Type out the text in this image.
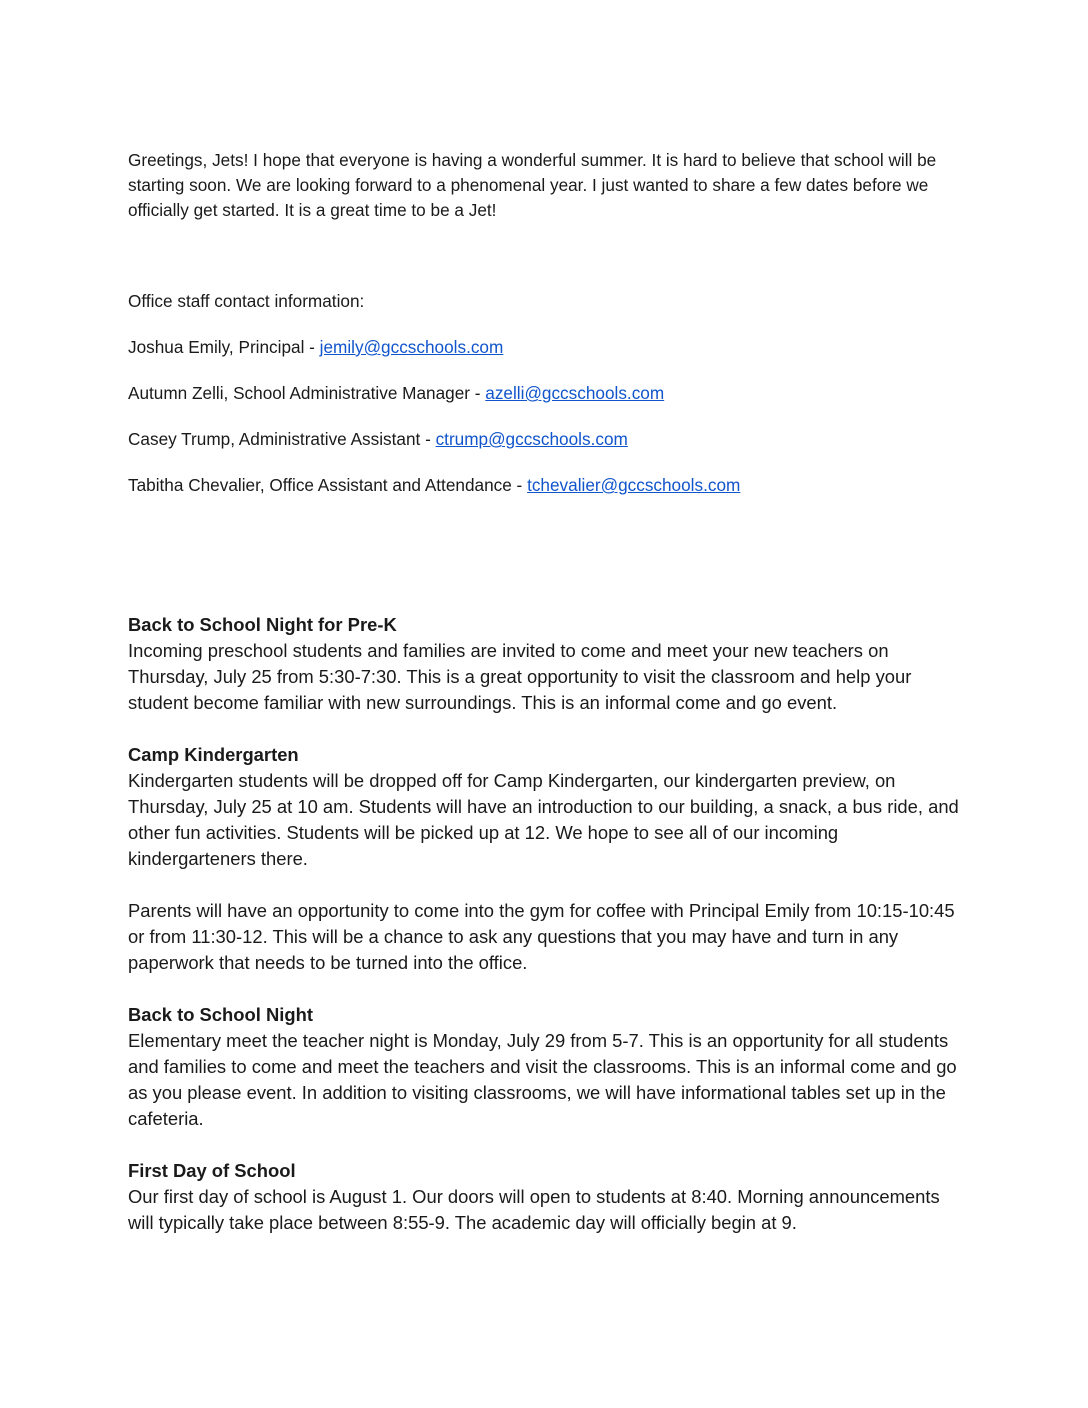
Greetings, Jets! I hope that everyone is having a wonderful summer. It is hard to believe that school will be starting soon. We are looking forward to a phenomenal year. I just wanted to share a few dates before we officially get started. It is a great time to be a Jet!

Office staff contact information:

Joshua Emily, Principal - jemily@gccschools.com

Autumn Zelli, School Administrative Manager - azelli@gccschools.com

Casey Trump, Administrative Assistant - ctrump@gccschools.com

Tabitha Chevalier, Office Assistant and Attendance - tchevalier@gccschools.com

Back to School Night for Pre-K

Incoming preschool students and families are invited to come and meet your new teachers on Thursday, July 25 from 5:30-7:30. This is a great opportunity to visit the classroom and help your student become familiar with new surroundings. This is an informal come and go event.

Camp Kindergarten

Kindergarten students will be dropped off for Camp Kindergarten, our kindergarten preview, on Thursday, July 25 at 10 am. Students will have an introduction to our building, a snack, a bus ride, and other fun activities. Students will be picked up at 12. We hope to see all of our incoming kindergarteners there.

Parents will have an opportunity to come into the gym for coffee with Principal Emily from 10:15-10:45 or from 11:30-12. This will be a chance to ask any questions that you may have and turn in any paperwork that needs to be turned into the office.

Back to School Night

Elementary meet the teacher night is Monday, July 29 from 5-7. This is an opportunity for all students and families to come and meet the teachers and visit the classrooms. This is an informal come and go as you please event. In addition to visiting classrooms, we will have informational tables set up in the cafeteria.

First Day of School

Our first day of school is August 1. Our doors will open to students at 8:40. Morning announcements will typically take place between 8:55-9. The academic day will officially begin at 9.
